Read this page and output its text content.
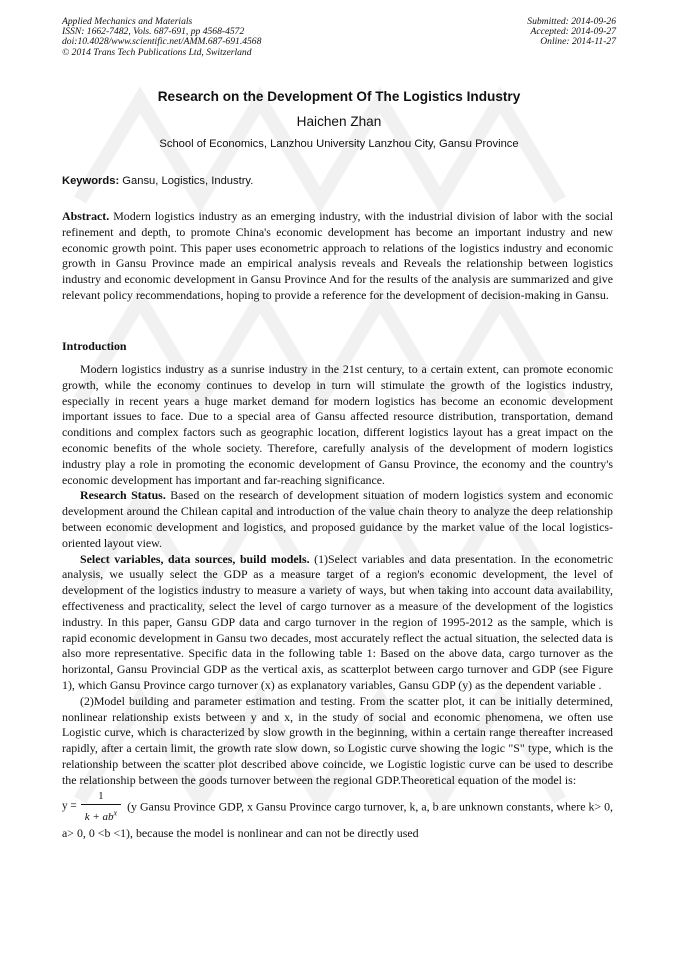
Applied Mechanics and Materials
ISSN: 1662-7482, Vols. 687-691, pp 4568-4572
doi:10.4028/www.scientific.net/AMM.687-691.4568
© 2014 Trans Tech Publications Ltd, Switzerland
Submitted: 2014-09-26
Accepted: 2014-09-27
Online: 2014-11-27
Research on the Development Of The Logistics Industry
Haichen Zhan
School of Economics, Lanzhou University Lanzhou City, Gansu Province
Keywords: Gansu, Logistics, Industry.
Abstract. Modern logistics industry as an emerging industry, with the industrial division of labor with the social refinement and depth, to promote China's economic development has become an important industry and new economic growth point. This paper uses econometric approach to relations of the logistics industry and economic growth in Gansu Province made an empirical analysis reveals and Reveals the relationship between logistics industry and economic development in Gansu Province And for the results of the analysis are summarized and give relevant policy recommendations, hoping to provide a reference for the development of decision-making in Gansu.
Introduction

Modern logistics industry as a sunrise industry in the 21st century, to a certain extent, can promote economic growth, while the economy continues to develop in turn will stimulate the growth of the logistics industry, especially in recent years a huge market demand for modern logistics has become an economic development important issues to face. Due to a special area of Gansu affected resource distribution, transportation, demand conditions and complex factors such as geographic location, different logistics layout has a great impact on the economic benefits of the whole society. Therefore, carefully analysis of the development of modern logistics industry play a role in promoting the economic development of Gansu Province, the economy and the country's economic development has important and far-reaching significance.

Research Status. Based on the research of development situation of modern logistics system and economic development around the Chilean capital and introduction of the value chain theory to analyze the deep relationship between economic development and logistics, and proposed guidance by the market value of the local logistics-oriented layout view.

Select variables, data sources, build models. (1)Select variables and data presentation. In the econometric analysis, we usually select the GDP as a measure target of a region's economic development, the level of development of the logistics industry to measure a variety of ways, but when taking into account data availability, effectiveness and practicality, select the level of cargo turnover as a measure of the development of the logistics industry. In this paper, Gansu GDP data and cargo turnover in the region of 1995-2012 as the sample, which is rapid economic development in Gansu two decades, most accurately reflect the actual situation, the selected data is also more representative. Specific data in the following table 1: Based on the above data, cargo turnover as the horizontal, Gansu Provincial GDP as the vertical axis, as scatterplot between cargo turnover and GDP (see Figure 1), which Gansu Province cargo turnover (x) as explanatory variables, Gansu GDP (y) as the dependent variable .

(2)Model building and parameter estimation and testing. From the scatter plot, it can be initially determined, nonlinear relationship exists between y and x, in the study of social and economic phenomena, we often use Logistic curve, which is characterized by slow growth in the beginning, within a certain range thereafter increased rapidly, after a certain limit, the growth rate slow down, so Logistic curve showing the logic "S" type, which is the relationship between the scatter plot described above coincide, we Logistic logistic curve can be used to describe the relationship between the goods turnover between the regional GDP.Theoretical equation of the model is:

$y = \frac{1}{k + ab^x} (y$ Gansu Province GDP, x Gansu Province cargo turnover, k, a, b are unknown constants, where k> 0, a> 0, 0 <b <1), because the model is nonlinear and can not be directly used
